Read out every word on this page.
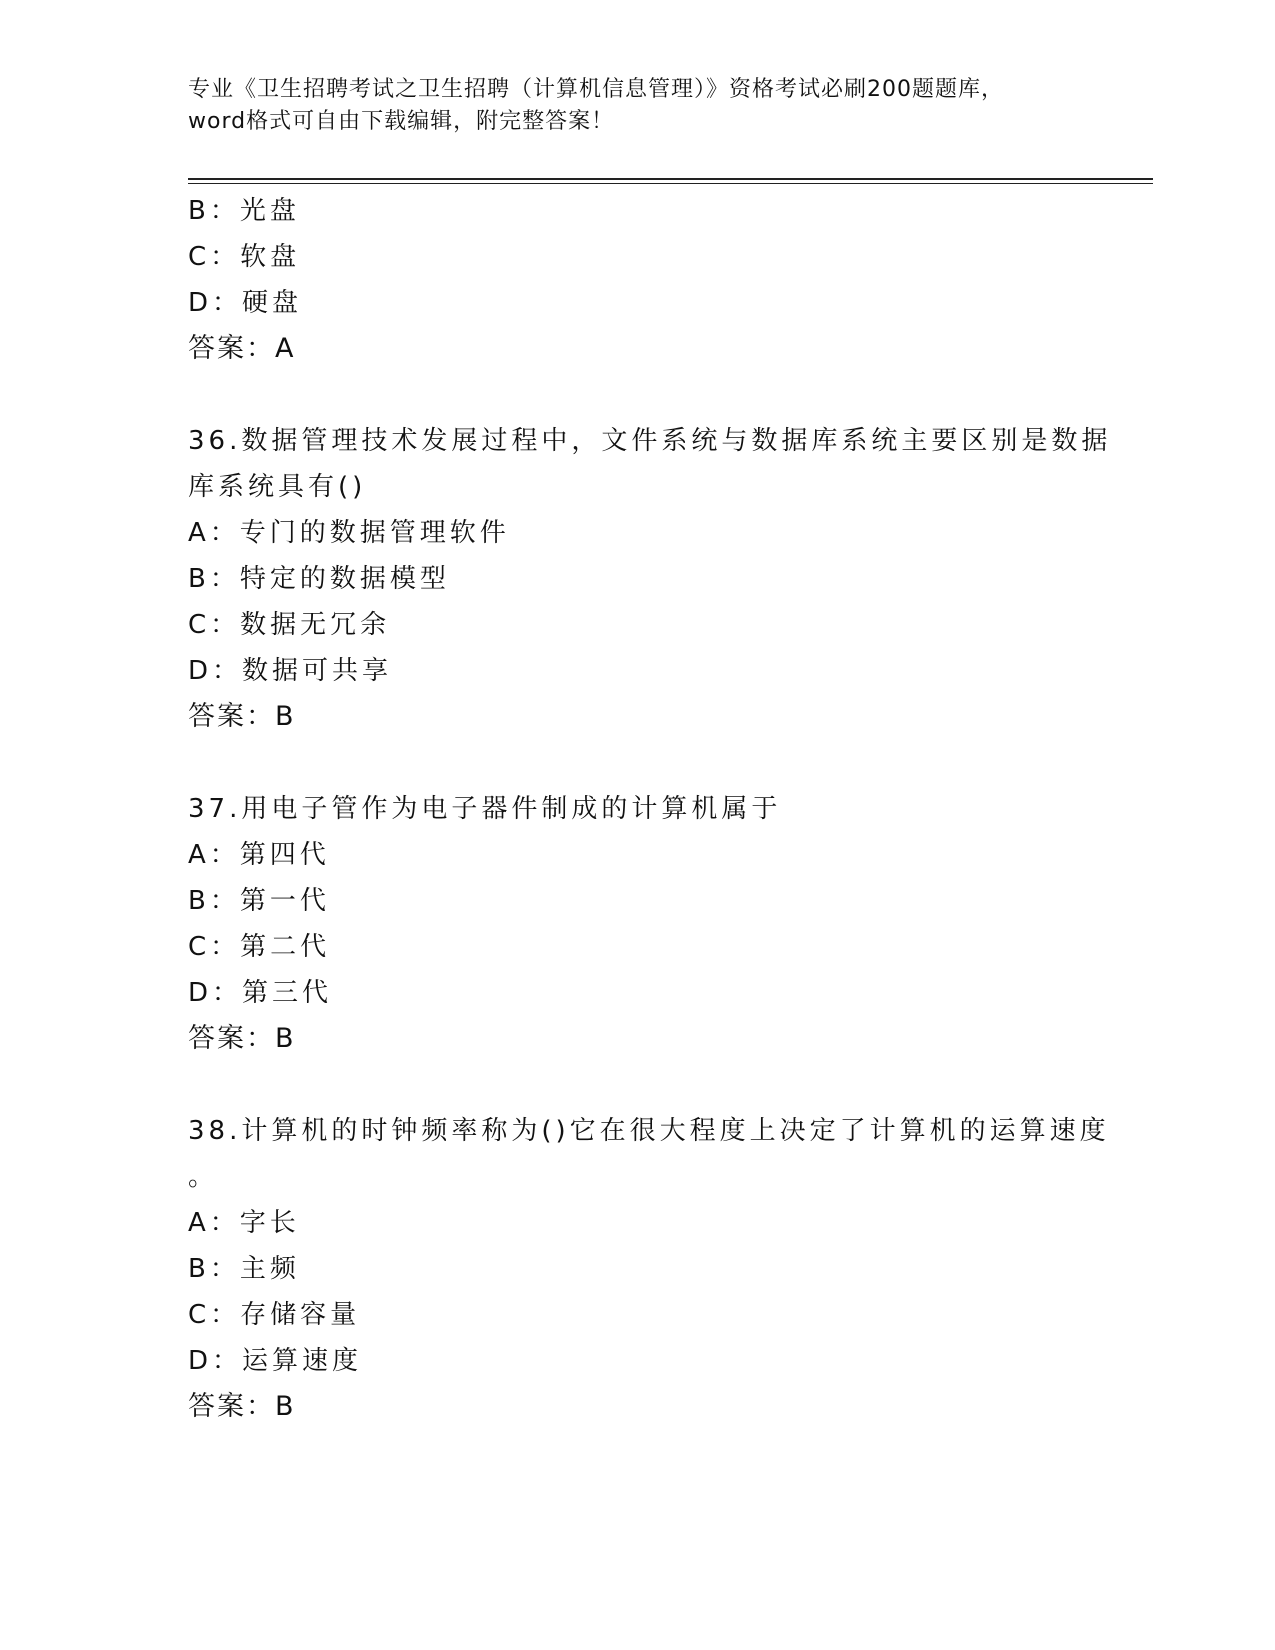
专业《卫生招聘考试之卫生招聘（计算机信息管理）》资格考试必刷200题题库，
word格式可自由下载编辑，附完整答案！
B：光盘
C：软盘
D：硬盘
答案：A
36.数据管理技术发展过程中，文件系统与数据库系统主要区别是数据
库系统具有()
A：专门的数据管理软件
B：特定的数据模型
C：数据无冗余
D：数据可共享
答案：B
37.用电子管作为电子器件制成的计算机属于
A：第四代
B：第一代
C：第二代
D：第三代
答案：B
38.计算机的时钟频率称为()它在很大程度上决定了计算机的运算速度
。
A：字长
B：主频
C：存储容量
D：运算速度
答案：B
